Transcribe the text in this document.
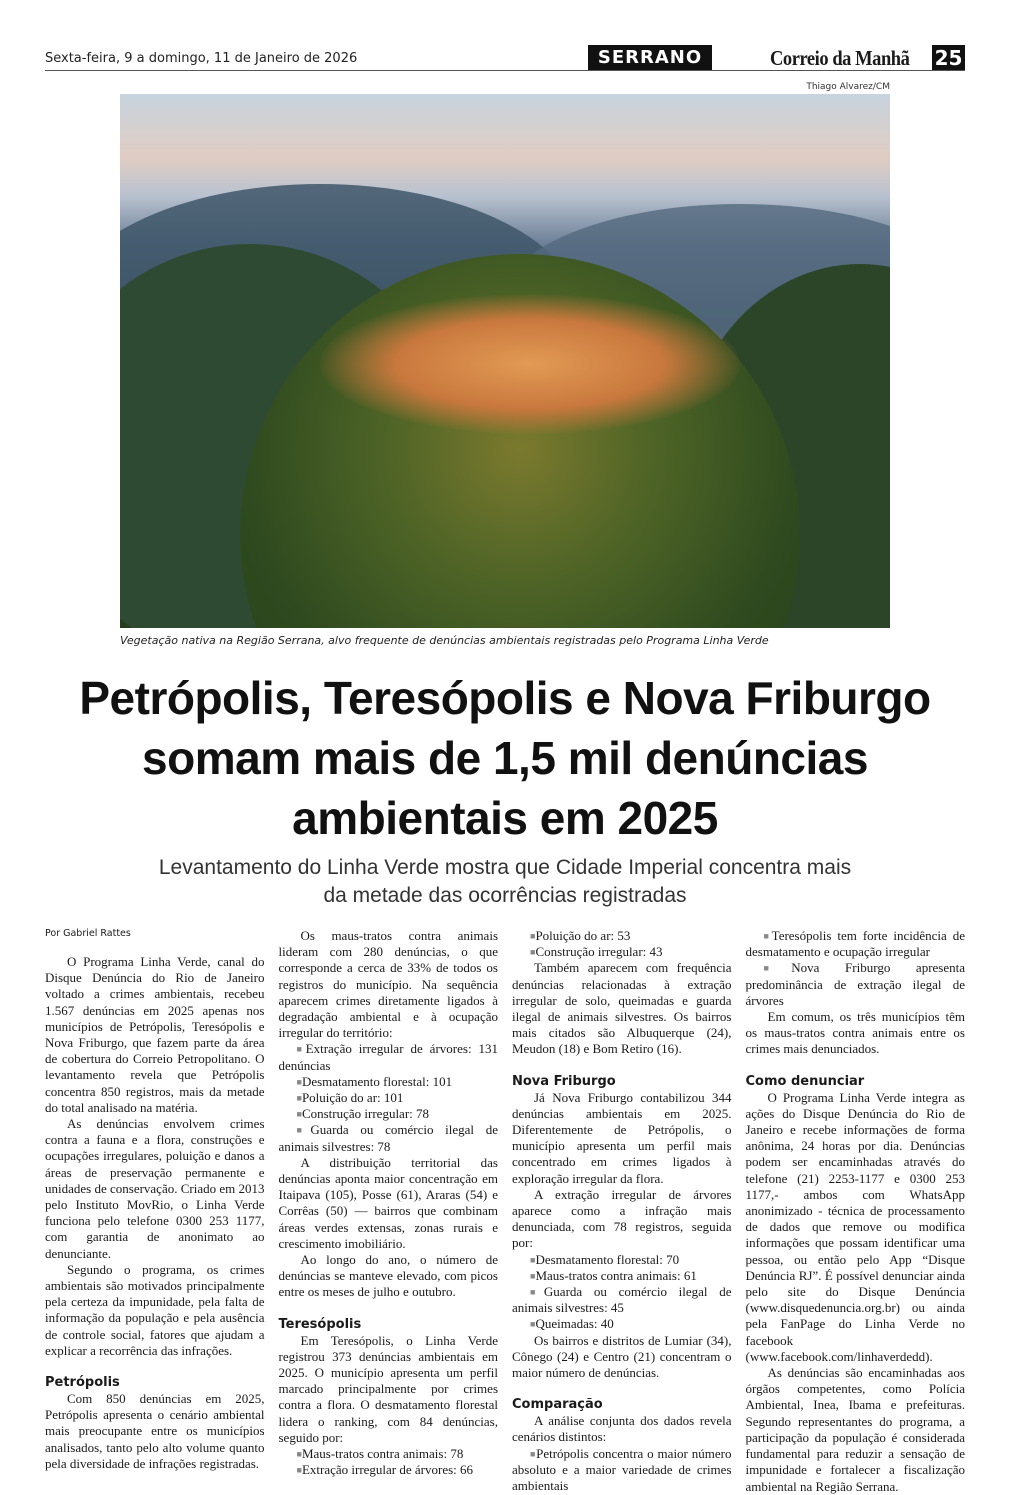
Sexta-feira, 9 a domingo, 11 de Janeiro de 2026	SERRANO	Correio da Manhã 25
Thiago Alvarez/CM
Vegetação nativa na Região Serrana, alvo frequente de denúncias ambientais registradas pelo Programa Linha Verde
Petrópolis, Teresópolis e Nova Friburgo somam mais de 1,5 mil denúncias ambientais em 2025
Levantamento do Linha Verde mostra que Cidade Imperial concentra mais da metade das ocorrências registradas

Por Gabriel Rattes

O Programa Linha Verde, canal do Disque Denúncia do Rio de Janeiro voltado a crimes ambientais, recebeu 1.567 denúncias em 2025 apenas nos municípios de Petrópolis, Teresópolis e Nova Friburgo, que fazem parte da área de cobertura do Correio Petropolitano. O levantamento revela que Petrópolis concentra 850 registros, mais da metade do total analisado na matéria.

As denúncias envolvem crimes contra a fauna e a flora, construções e ocupações irregulares, poluição e danos a áreas de preservação permanente e unidades de conservação. Criado em 2013 pelo Instituto MovRio, o Linha Verde funciona pelo telefone 0300 253 1177, com garantia de anonimato ao denunciante.

Segundo o programa, os crimes ambientais são motivados principalmente pela certeza da impunidade, pela falta de informação da população e pela ausência de controle social, fatores que ajudam a explicar a recorrência das infrações.

Petrópolis

Com 850 denúncias em 2025, Petrópolis apresenta o cenário ambiental mais preocupante entre os municípios analisados, tanto pelo alto volume quanto pela diversidade de infrações registradas.

Os maus-tratos contra animais lideram com 280 denúncias, o que corresponde a cerca de 33% de todos os registros do município. Na sequência aparecem crimes diretamente ligados à degradação ambiental e à ocupação irregular do território:

■Extração irregular de árvores: 131 denúncias

■Desmatamento florestal: 101

■Poluição do ar: 101

■Construção irregular: 78

■Guarda ou comércio ilegal de animais silvestres: 78

A distribuição territorial das denúncias aponta maior concentração em Itaipava (105), Posse (61), Araras (54) e Corrêas (50) — bairros que combinam áreas verdes extensas, zonas rurais e crescimento imobiliário.

Ao longo do ano, o número de denúncias se manteve elevado, com picos entre os meses de julho e outubro.

Teresópolis

Em Teresópolis, o Linha Verde registrou 373 denúncias ambientais em 2025. O município apresenta um perfil marcado principalmente por crimes contra a flora. O desmatamento florestal lidera o ranking, com 84 denúncias, seguido por:

■Maus-tratos contra animais: 78

■Extração irregular de árvores: 66

■Poluição do ar: 53

■Construção irregular: 43

Também aparecem com frequência denúncias relacionadas à extração irregular de solo, queimadas e guarda ilegal de animais silvestres. Os bairros mais citados são Albuquerque (24), Meudon (18) e Bom Retiro (16).

Nova Friburgo

Já Nova Friburgo contabilizou 344 denúncias ambientais em 2025. Diferentemente de Petrópolis, o município apresenta um perfil mais concentrado em crimes ligados à exploração irregular da flora.

A extração irregular de árvores aparece como a infração mais denunciada, com 78 registros, seguida por:

■Desmatamento florestal: 70

■Maus-tratos contra animais: 61

■Guarda ou comércio ilegal de animais silvestres: 45

■Queimadas: 40

Os bairros e distritos de Lumiar (34), Cônego (24) e Centro (21) concentram o maior número de denúncias.

Comparação

A análise conjunta dos dados revela cenários distintos:

■Petrópolis concentra o maior número absoluto e a maior variedade de crimes ambientais

■Teresópolis tem forte incidência de desmatamento e ocupação irregular

■Nova Friburgo apresenta predominância de extração ilegal de árvores

Em comum, os três municípios têm os maus-tratos contra animais entre os crimes mais denunciados.

Como denunciar

O Programa Linha Verde integra as ações do Disque Denúncia do Rio de Janeiro e recebe informações de forma anônima, 24 horas por dia. Denúncias podem ser encaminhadas através do telefone (21) 2253-1177 e 0300 253 1177,- ambos com WhatsApp anonimizado - técnica de processamento de dados que remove ou modifica informações que possam identificar uma pessoa, ou então pelo App “Disque Denúncia RJ”. É possível denunciar ainda pelo site do Disque Denúncia (www.disquedenuncia.org.br) ou ainda pela FanPage do Linha Verde no facebook (www.facebook.com/linhaverdedd).

As denúncias são encaminhadas aos órgãos competentes, como Polícia Ambiental, Inea, Ibama e prefeituras. Segundo representantes do programa, a participação da população é considerada fundamental para reduzir a sensação de impunidade e fortalecer a fiscalização ambiental na Região Serrana.
